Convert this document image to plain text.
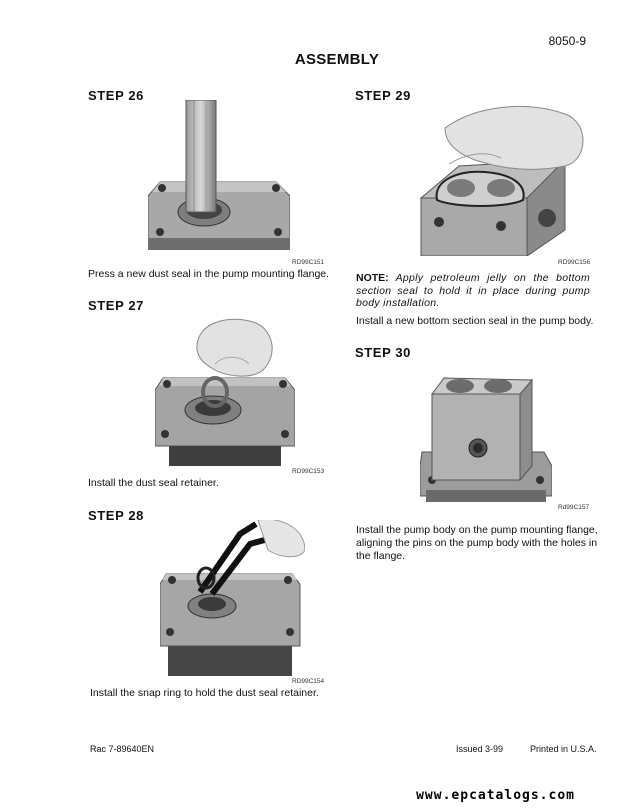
8050-9
ASSEMBLY
STEP 26
RD99C151
Press a new dust seal in the pump mounting flange.
STEP 27
RD99C153
Install the dust seal retainer.
STEP 28
RD99C154
Install the snap ring to hold the dust seal retainer.
STEP 29
RD99C156
NOTE: Apply petroleum jelly on the bottom
section seal to hold it in place during pump
body installation.
Install a new bottom section seal in the pump body.
STEP 30
Rd99C157
Install the pump body on the pump mounting flange,
aligning the pins on the pump body with the holes in
the flange.
Rac 7-89640EN	Issued 3-99	Printed in U.S.A.
www.epcatalogs.com
